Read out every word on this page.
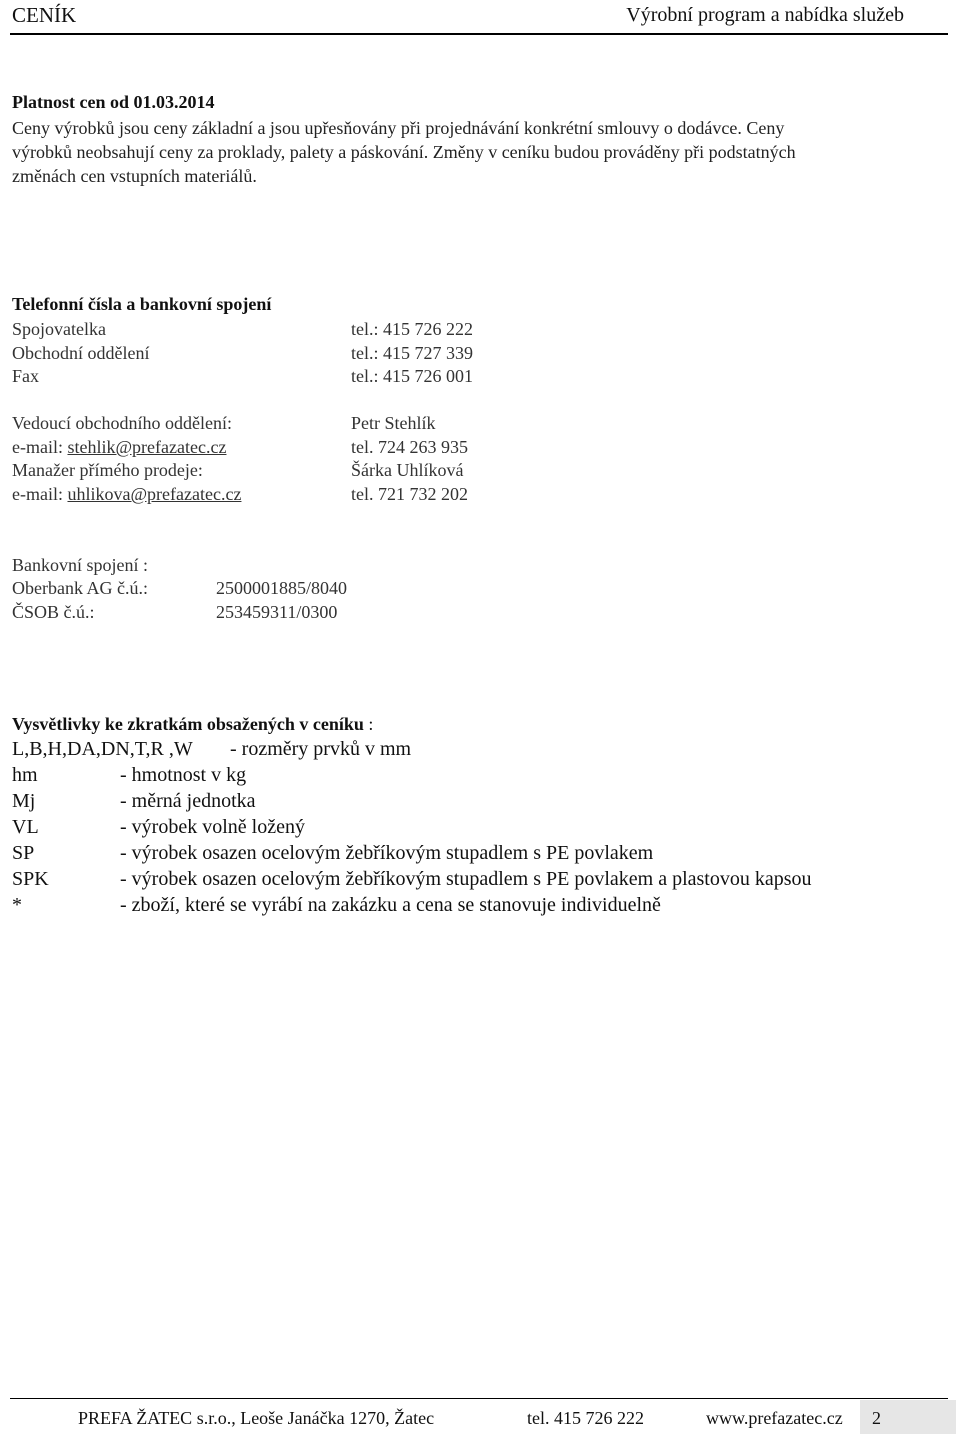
CENÍK	Výrobní program a nabídka služeb
Platnost cen od 01.03.2014
Ceny výrobků jsou ceny základní a jsou upřesňovány při projednávání konkrétní smlouvy o dodávce. Ceny
výrobků neobsahují ceny za proklady, palety a páskování. Změny v ceníku budou prováděny při podstatných
změnách cen vstupních materiálů.
Telefonní čísla a bankovní spojení
Spojovatelka	tel.: 415 726 222
Obchodní oddělení	tel.: 415 727 339
Fax	tel.: 415 726 001
Vedoucí obchodního oddělení:	Petr Stehlík
e-mail: stehlik@prefazatec.cz	tel. 724 263 935
Manažer přímého prodeje:	Šárka Uhlíková
e-mail: uhlikova@prefazatec.cz	tel. 721 732 202
Bankovní spojení :
Oberbank AG č.ú.:	2500001885/8040
ČSOB č.ú.:	253459311/0300
Vysvětlivky ke zkratkám obsažených v ceníku :
L,B,H,DA,DN,T,R ,W - rozměry prvků v mm
hm	- hmotnost v kg
Mj	- měrná jednotka
VL	- výrobek volně ložený
SP	- výrobek osazen ocelovým žebříkovým stupadlem s PE povlakem
SPK	- výrobek osazen ocelovým žebříkovým stupadlem s PE povlakem a plastovou kapsou
*	- zboží, které se vyrábí na zakázku a cena se stanovuje individuelně
PREFA ŽATEC s.r.o., Leoše Janáčka 1270, Žatec	tel. 415 726 222	www.prefazatec.cz 2
